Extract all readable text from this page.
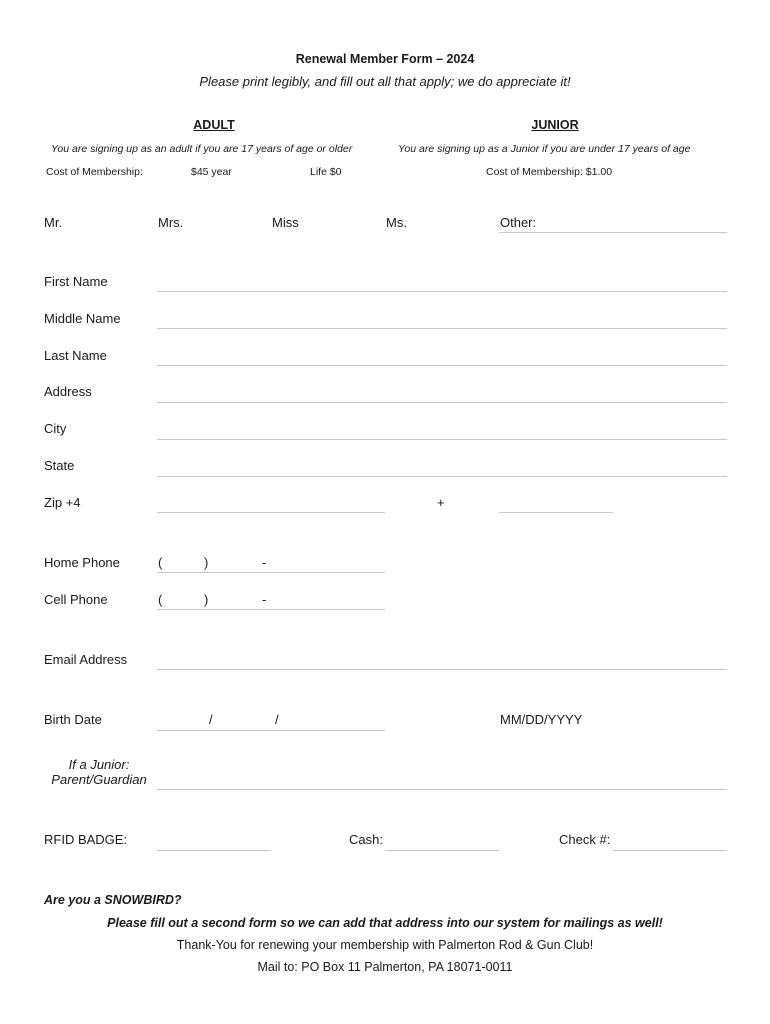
Renewal Member Form – 2024
Please print legibly, and fill out all that apply; we do appreciate it!
ADULT	JUNIOR
You are signing up as an adult if you are 17 years of age or older	You are signing up as a Junior if you are under 17 years of age
Cost of Membership:	$45 year	Life $0	Cost of Membership: $1.00
Mr.	Mrs.	Miss	Ms.	Other:
First Name
Middle Name
Last Name
Address
City
State
Zip +4	+
Home Phone	(	)	-
Cell Phone	(	)	-
Email Address
Birth Date	/	/	MM/DD/YYYY
If a Junior:
Parent/Guardian
RFID BADGE:	Cash:	Check #:
Are you a SNOWBIRD?
Please fill out a second form so we can add that address into our system for mailings as well!
Thank-You for renewing your membership with Palmerton Rod & Gun Club!
Mail to: PO Box 11 Palmerton, PA 18071-0011
